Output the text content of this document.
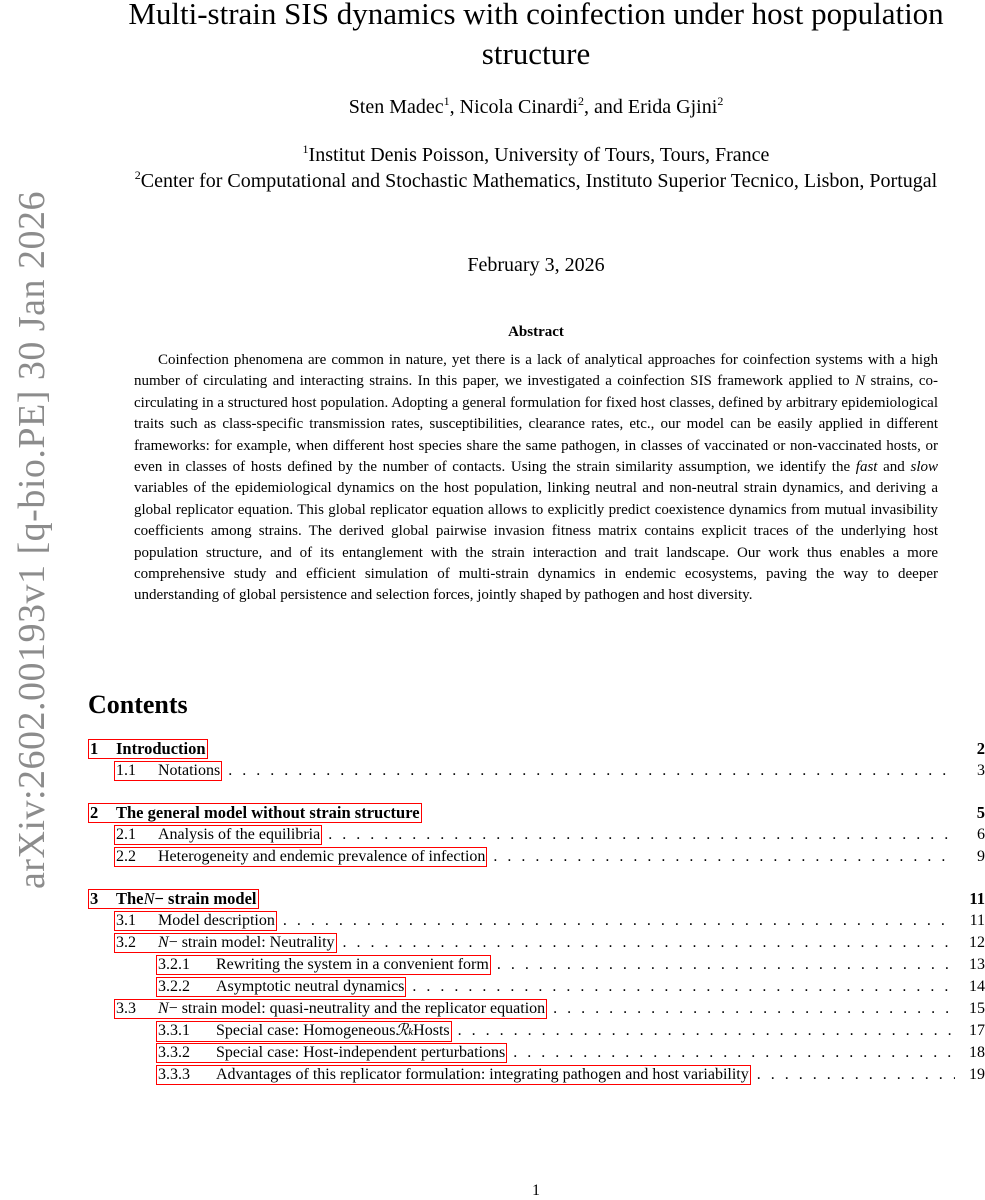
arXiv:2602.00193v1 [q-bio.PE] 30 Jan 2026
Multi-strain SIS dynamics with coinfection under host population structure
Sten Madec$^1$, Nicola Cinardi$^2$, and Erida Gjini$^2$
$^1$Institut Denis Poisson, University of Tours, Tours, France
$^2$Center for Computational and Stochastic Mathematics, Instituto Superior Tecnico, Lisbon, Portugal
February 3, 2026
Abstract

Coinfection phenomena are common in nature, yet there is a lack of analytical approaches for coinfection systems with a high number of circulating and interacting strains. In this paper, we investigated a coinfection SIS framework applied to N strains, co-circulating in a structured host population. Adopting a general formulation for fixed host classes, defined by arbitrary epidemiological traits such as class-specific transmission rates, susceptibilities, clearance rates, etc., our model can be easily applied in different frameworks: for example, when different host species share the same pathogen, in classes of vaccinated or non-vaccinated hosts, or even in classes of hosts defined by the number of contacts. Using the strain similarity assumption, we identify the fast and slow variables of the epidemiological dynamics on the host population, linking neutral and non-neutral strain dynamics, and deriving a global replicator equation. This global replicator equation allows to explicitly predict coexistence dynamics from mutual invasibility coefficients among strains. The derived global pairwise invasion fitness matrix contains explicit traces of the underlying host population structure, and of its entanglement with the strain interaction and trait landscape. Our work thus enables a more comprehensive study and efficient simulation of multi-strain dynamics in endemic ecosystems, paving the way to deeper understanding of global persistence and selection forces, jointly shaped by pathogen and host diversity.

Contents
1	Introduction	2
1.1	Notations . . .	3
2	The general model without strain structure	5
2.1	Analysis of the equilibria . . .	6
2.2	Heterogeneity and endemic prevalence of infection . . .	9
3	The N − strain model	11
3.1	Model description . . .	11
3.2	N − strain model: Neutrality . . .	12
3.2.1	Rewriting the system in a convenient form . . .	13
3.2.2	Asymptotic neutral dynamics . . .	14
3.3	N − strain model: quasi-neutrality and the replicator equation . . .	15
3.3.1	Special case: Homogeneous ℛ k Hosts . . .	17
3.3.2	Special case: Host-independent perturbations . . .	18
3.3.3	Advantages of this replicator formulation: integrating pathogen and host variability . . .	19
1
